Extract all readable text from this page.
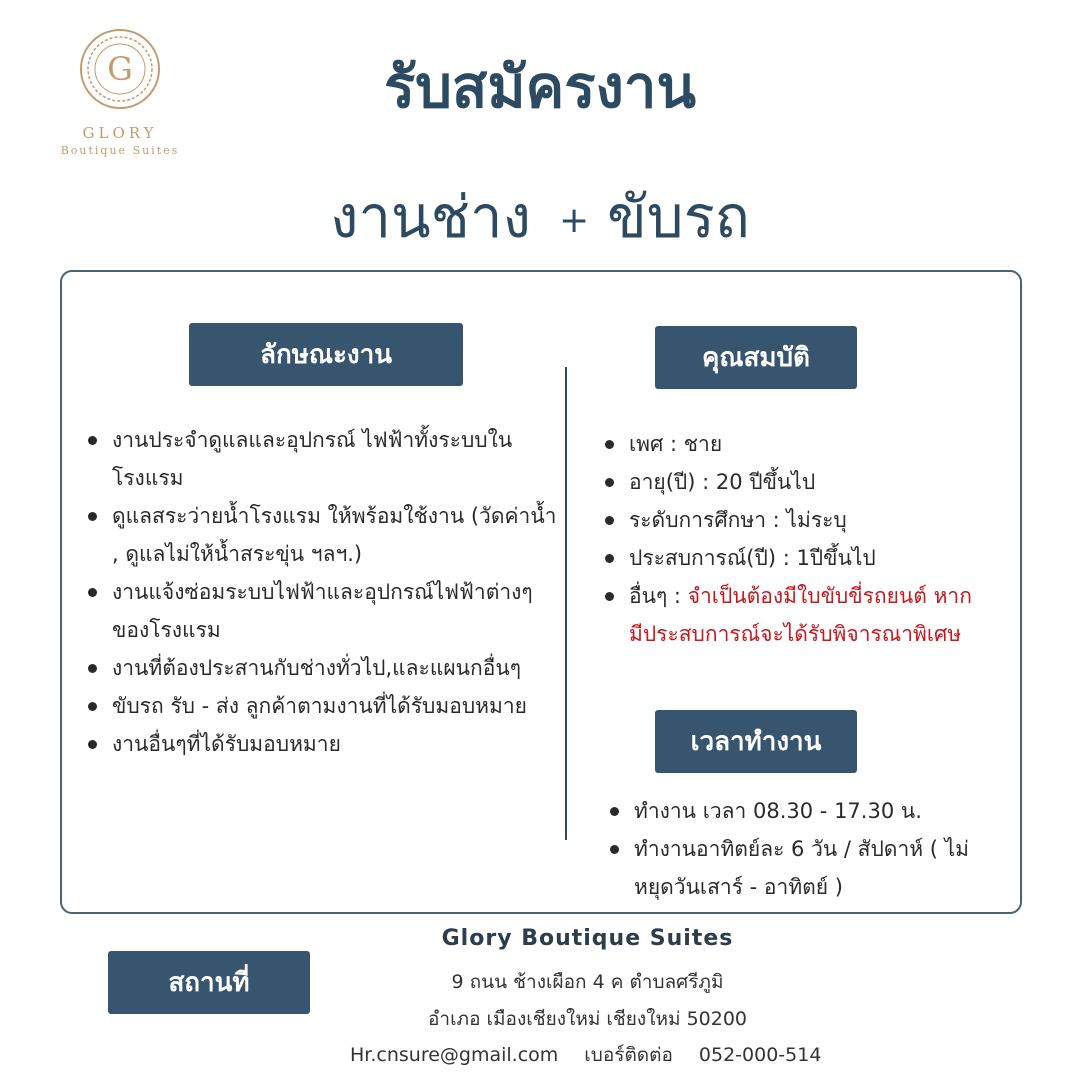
G
GLORY
Boutique Suites
รับสมัครงาน
งานช่าง + ขับรถ
ลักษณะงาน
งานประจำดูแลและอุปกรณ์ ไฟฟ้าทั้งระบบใน โรงแรม
ดูแลสระว่ายน้ำโรงแรม ให้พร้อมใช้งาน (วัดค่าน้ำ , ดูแลไม่ให้น้ำสระขุ่น ฯลฯ.)
งานแจ้งซ่อมระบบไฟฟ้าและอุปกรณ์ไฟฟ้าต่างๆ ของโรงแรม
งานที่ต้องประสานกับช่างทั่วไป,และแผนกอื่นๆ
ขับรถ รับ - ส่ง ลูกค้าตามงานที่ได้รับมอบหมาย
งานอื่นๆที่ได้รับมอบหมาย
คุณสมบัติ
เพศ : ชาย
อายุ(ปี) : 20 ปีขึ้นไป
ระดับการศึกษา : ไม่ระบุ
ประสบการณ์(ปี) : 1ปีขึ้นไป
อื่นๆ : จำเป็นต้องมีใบขับขี่รถยนต์ หากมีประสบการณ์จะได้รับพิจารณาพิเศษ
เวลาทำงาน
ทำงาน เวลา 08.30 - 17.30 น.
ทำงานอาทิตย์ละ 6 วัน / สัปดาห์ ( ไม่หยุดวันเสาร์ - อาทิตย์ )
สถานที่
Glory Boutique Suites
9 ถนน ช้างเผือก 4 ค ตำบลศรีภูมิ
อำเภอ เมืองเชียงใหม่ เชียงใหม่ 50200
Hr.cnsure@gmail.com เบอร์ติดต่อ 052-000-514
